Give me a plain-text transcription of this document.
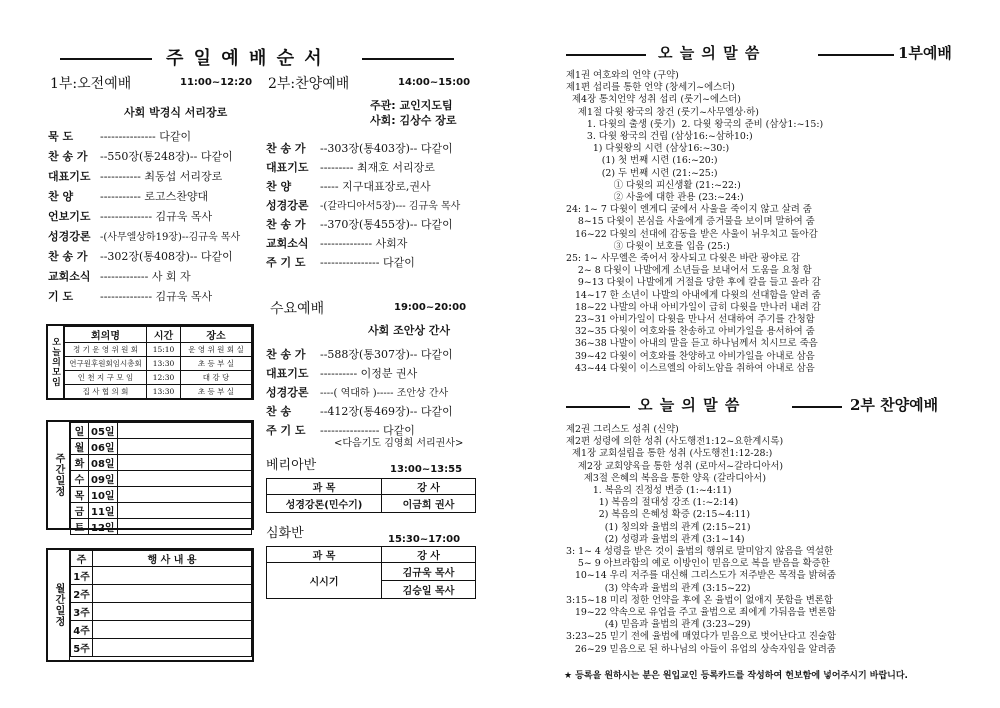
주 일 예 배 순 서
1부:오전예배	11:00~12:20
사회 박경식 서리장로
묵 도	--------------- 다같이
찬 송 가	--550장(통248장)-- 다같이
대표기도 ----------- 최동섭 서리장로
찬 양	----------- 로고스찬양대
언보기도 -------------- 김규욱 목사
성경강론 -(사무엘상하19장)--김규욱 목사
찬 송 가	--302장(통408장)-- 다같이
교회소식 ------------- 사 회 자
기 도	-------------- 김규욱 목사
2부:찬양예배	14:00~15:00
주관: 교인지도팀
사회: 김상수 장로
찬 송 가	--303장(통403장)-- 다같이
대표기도	--------- 최재호 서리장로
찬 양	----- 지구대표장로,권사
성경강론	-(갈라디아서5장)--- 김규욱 목사
찬 송 가	--370장(통455장)-- 다같이
교회소식	-------------- 사회자
주 기 도	---------------- 다같이
수요예배	19:00~20:00
사회 조안상 간사
찬 송 가	--588장(통307장)-- 다같이
대표기도	---------- 이정분 권사
성경강론	----( 역대하 )----- 조안상 간사
찬 송	--412장(통469장)-- 다같이
주 기 도	---------------- 다같이
<다음기도 김영희 서리권사>
베리아반	13:00~13:55
과 목	강 사
성경강론(민수기)	이금희 권사
심화반	15:30~17:00
과 목	강 사
시시기	김규욱 목사
	김승일 목사
오늘의모임
회의명	시간	장소
정 기 운 영 위 원 회	15:10	운 영 위 원 회 실
연구원후원회임시총회	13:30	초 등 부 실
인 천 지 구 모 임	12:30	대 강 당
집 사 협 의 회	13:30	초 등 부 실
주간일정
일	05일	
월	06일	
화	08일	
수	09일	
목	10일	
금	11일	
토	12일	
월간일정
주	행 사 내 용
1주	
2주	
3주	
4주	
5주	
오 늘 의 말 씀	1부예배
제1권 여호와의 언약 (구약)
제1편 섭리를 통한 언약 (창세기~에스더)
제4장 통치언약 성취 섭리 (룻기~에스더)
제1절 다윗 왕국의 창건 (룻기~사무엘상·하)
1. 다윗의 출생 (룻기)  2. 다윗 왕국의 준비 (삼상1:~15:)
3. 다윗 왕국의 건립 (삼상16:~삼하10:)
1) 다윗왕의 시련 (삼상16:~30:)
(1) 첫 번째 시련 (16:~20:)
(2) 두 번째 시련 (21:~25:)
① 다윗의 피신생활 (21:~22:)
② 사울에 대한 관용 (23:~24:)
24: 1~ 7 다윗이 엔게디 굴에서 사울을 죽이지 않고 살려 줌
8~15 다윗이 본심을 사울에게 증거물을 보이며 말하여 줌
16~22 다윗의 선대에 감동을 받은 사울이 뉘우치고 돌아감
③ 다윗이 보호를 입음 (25:)
25: 1~ 사무엘은 죽어서 장사되고 다윗은 바란 광야로 감
2~ 8 다윗이 나발에게 소년들을 보내어서 도움을 요청 함
9~13 다윗이 나발에게 거절을 당한 후에 칼을 들고 올라 감
14~17 한 소년이 나발의 아내에게 다윗의 선대함을 알려 줌
18~22 나발의 아내 아비가일이 급히 다윗을 만나러 내려 감
23~31 아비가일이 다윗을 만나서 선대하여 주기를 간청함
32~35 다윗이 여호와를 찬송하고 아비가일을 용서하여 줌
36~38 나발이 아내의 말을 듣고 하나님께서 치시므로 죽음
39~42 다윗이 여호와를 찬양하고 아비가일을 아내로 삼음
43~44 다윗이 이스르엘의 아히노암을 취하여 아내로 삼음
오 늘 의 말 씀	2부 찬양예배
제2권 그리스도 성취 (신약)
제2편 성령에 의한 성취 (사도행전1:12~요한계시록)
제1장 교회설립을 통한 성취 (사도행전1:12-28:)
제2장 교회양육을 통한 성취 (로마서~갈라디아서)
제3절 은혜의 복음을 통한 양육 (갈라디아서)
1. 복음의 진정성 변증 (1:~4:11)
1) 복음의 절대성 강조 (1:~2:14)
2) 복음의 은혜성 확증 (2:15~4:11)
(1) 칭의와 율법의 관계 (2:15~21)
(2) 성령과 율법의 관계 (3:1~14)
3: 1~ 4 성령을 받은 것이 율법의 행위로 말미암지 않음을 역설한
5~ 9 아브라함의 예로 이방인이 믿음으로 복을 받음을 확증한
10~14 우리 저주를 대신해 그리스도가 저주받은 목적을 밝혀줌
(3) 약속과 율법의 관계 (3:15~22)
3:15~18 미리 정한 언약을 후에 온 율법이 없애지 못함을 변론함
19~22 약속으로 유업을 주고 율법으로 죄에게 가둬음을 변론함
(4) 믿음과 율법의 관계 (3:23~29)
3:23~25 믿기 전에 율법에 매였다가 믿음으로 벗어난다고 진술함
26~29 믿음으로 된 하나님의 아들이 유업의 상속자임을 알려줌
★ 등록을 원하시는 분은 원입교인 등록카드를 작성하여 헌보함에 넣어주시기 바랍니다.
